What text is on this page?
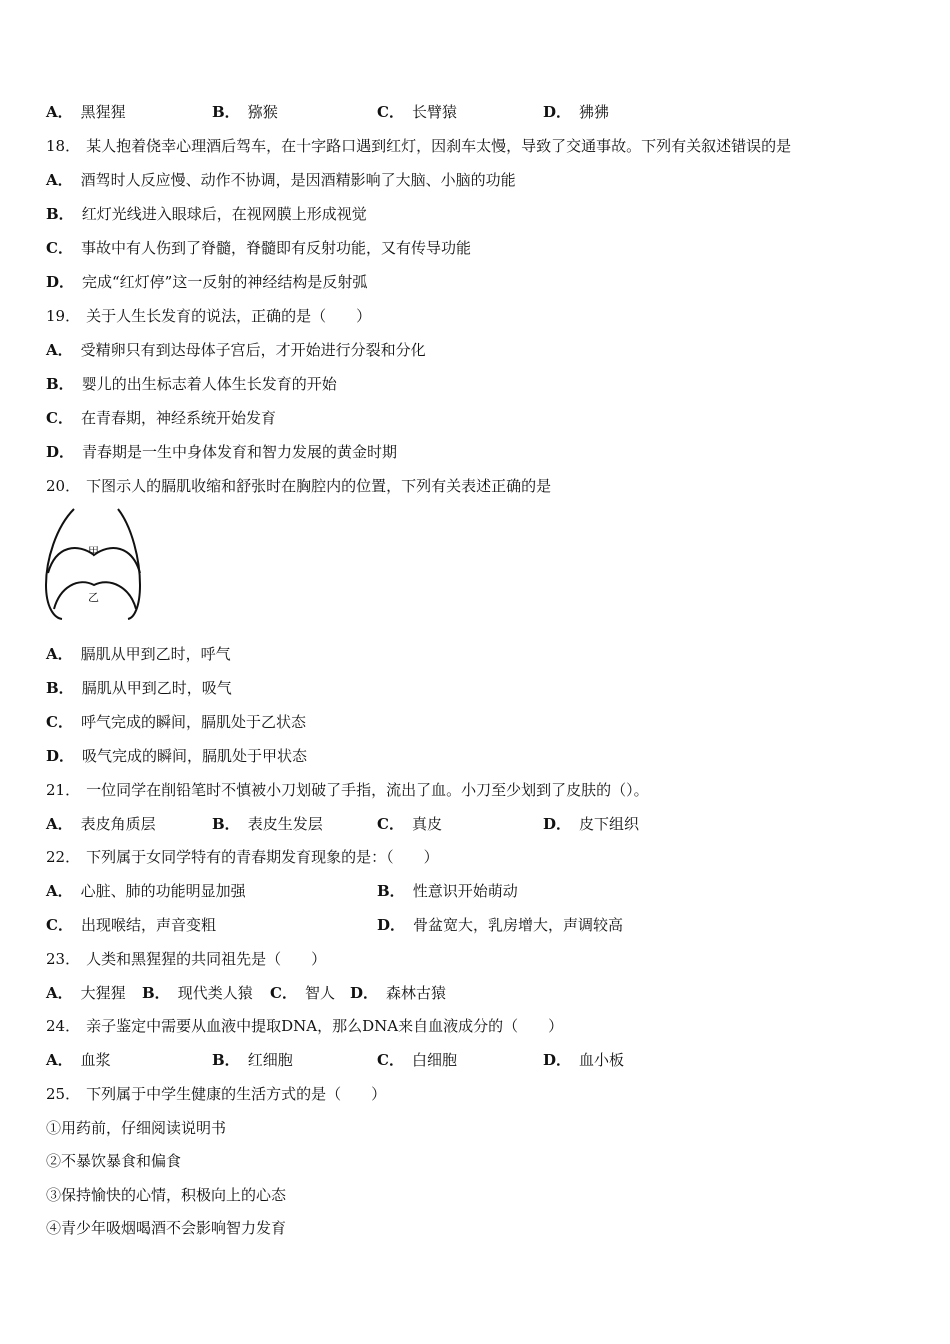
A． 黑猩猩	B． 猕猴	C． 长臂猿	D． 狒狒
18． 某人抱着侥幸心理酒后驾车，在十字路口遇到红灯，因刹车太慢，导致了交通事故。下列有关叙述错误的是
A． 酒驾时人反应慢、动作不协调，是因酒精影响了大脑、小脑的功能
B． 红灯光线进入眼球后，在视网膜上形成视觉
C． 事故中有人伤到了脊髓，脊髓即有反射功能，又有传导功能
D． 完成“红灯停”这一反射的神经结构是反射弧
19． 关于人生长发育的说法，正确的是（　　）
A． 受精卵只有到达母体子宫后，才开始进行分裂和分化
B． 婴儿的出生标志着人体生长发育的开始
C． 在青春期，神经系统开始发育
D． 青春期是一生中身体发育和智力发展的黄金时期
20． 下图示人的膈肌收缩和舒张时在胸腔内的位置，下列有关表述正确的是
甲
乙
A． 膈肌从甲到乙时，呼气
B． 膈肌从甲到乙时，吸气
C． 呼气完成的瞬间，膈肌处于乙状态
D． 吸气完成的瞬间，膈肌处于甲状态
21． 一位同学在削铅笔时不慎被小刀划破了手指，流出了血。小刀至少划到了皮肤的（）。
A． 表皮角质层	B． 表皮生发层	C． 真皮	D． 皮下组织
22． 下列属于女同学特有的青春期发育现象的是：（　　）
A． 心脏、肺的功能明显加强	B． 性意识开始萌动
C． 出现喉结，声音变粗	D． 骨盆宽大，乳房增大，声调较高
23． 人类和黑猩猩的共同祖先是（　　）
A． 大猩猩 B． 现代类人猿 C． 智人 D． 森林古猿
24． 亲子鉴定中需要从血液中提取DNA，那么DNA来自血液成分的（　　）
A． 血浆	B． 红细胞	C． 白细胞	D． 血小板
25． 下列属于中学生健康的生活方式的是（　　）
①用药前，仔细阅读说明书
②不暴饮暴食和偏食
③保持愉快的心情，积极向上的心态
④青少年吸烟喝酒不会影响智力发育
